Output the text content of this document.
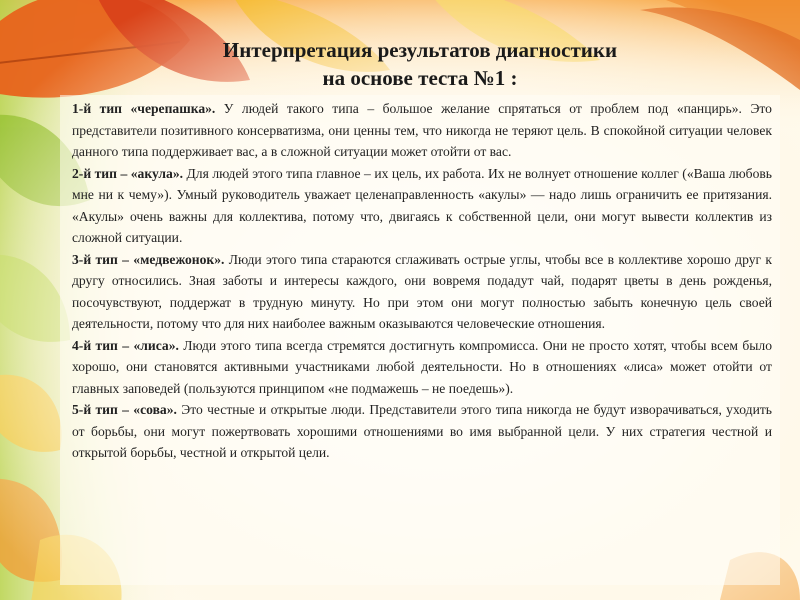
Интерпретация результатов диагностики
на основе теста №1 :

1-й тип «черепашка». У людей такого типа – большое желание спрятаться от проблем под «панцирь». Это представители позитивного консерватизма, они ценны тем, что никогда не теряют цель. В спокойной ситуации человек данного типа поддерживает вас, а в сложной ситуации может отойти от вас.

2-й тип – «акула». Для людей этого типа главное – их цель, их работа. Их не волнует отношение коллег («Ваша любовь мне ни к чему»). Умный руководитель уважает целенаправленность «акулы» — надо лишь ограничить ее притязания. «Акулы» очень важны для коллектива, потому что, двигаясь к собственной цели, они могут вывести коллектив из сложной ситуации.

3-й тип – «медвежонок». Люди этого типа стараются сглаживать острые углы, чтобы все в коллективе хорошо друг к другу относились. Зная заботы и интересы каждого, они вовремя подадут чай, подарят цветы в день рожденья, посочувствуют, поддержат в трудную минуту. Но при этом они могут полностью забыть конечную цель своей деятельности, потому что для них наиболее важным оказываются человеческие отношения.

4-й тип – «лиса». Люди этого типа всегда стремятся достигнуть компромисса. Они не просто хотят, чтобы всем было хорошо, они становятся активными участниками любой деятельности. Но в отношениях «лиса» может отойти от главных заповедей (пользуются принципом «не подмажешь – не поедешь»).

5-й тип – «сова». Это честные и открытые люди. Представители этого типа никогда не будут изворачиваться, уходить от борьбы, они могут пожертвовать хорошими отношениями во имя выбранной цели. У них стратегия честной и открытой борьбы, честной и открытой цели.
